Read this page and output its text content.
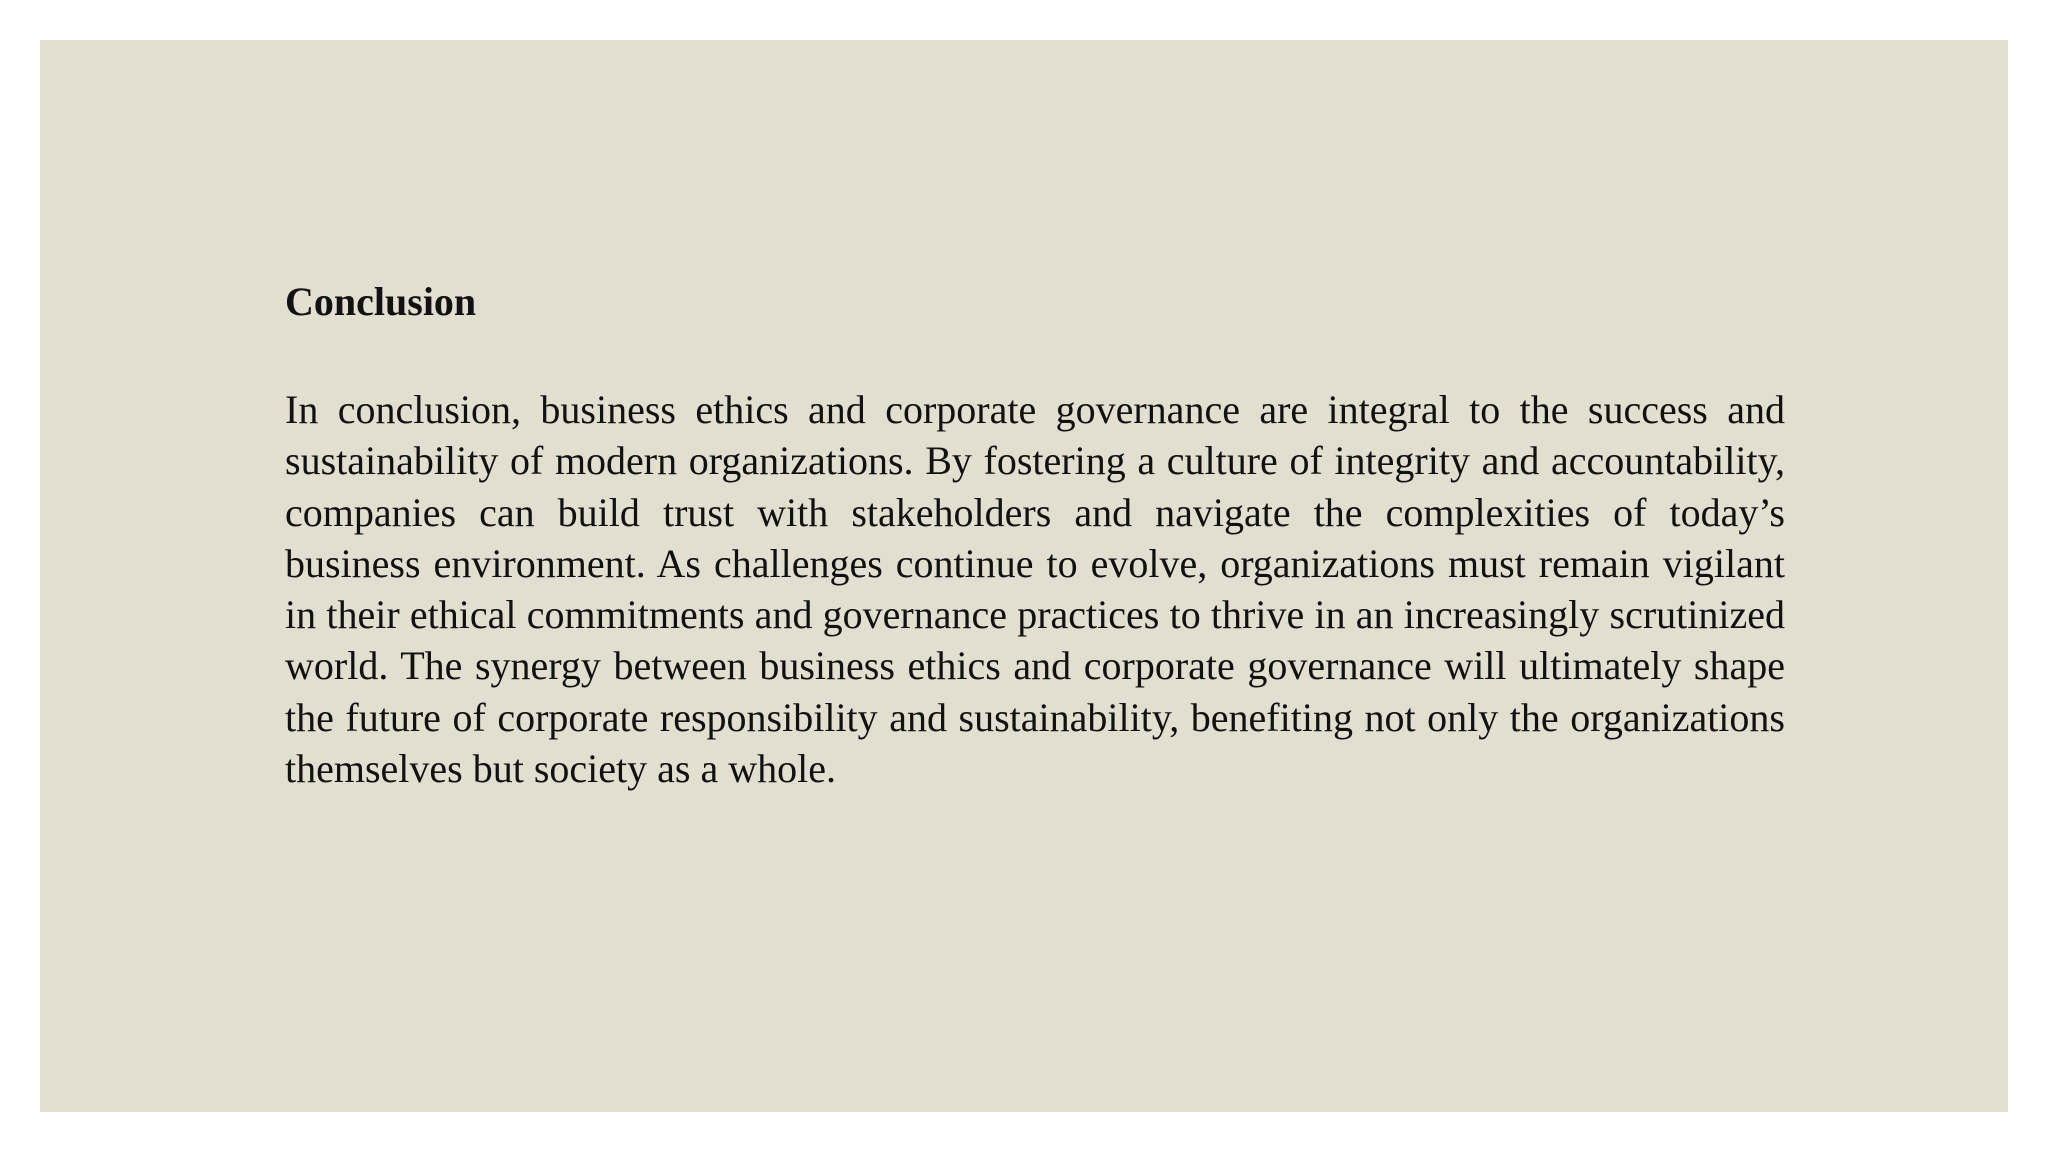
Conclusion

In conclusion, business ethics and corporate governance are integral to the success and sustainability of modern organizations. By fostering a culture of integrity and accountability, companies can build trust with stakeholders and navigate the complexities of today’s business environment. As challenges continue to evolve, organizations must remain vigilant in their ethical commitments and governance practices to thrive in an increasingly scrutinized world. The synergy between business ethics and corporate governance will ultimately shape the future of corporate responsibility and sustainability, benefiting not only the organizations themselves but society as a whole.
